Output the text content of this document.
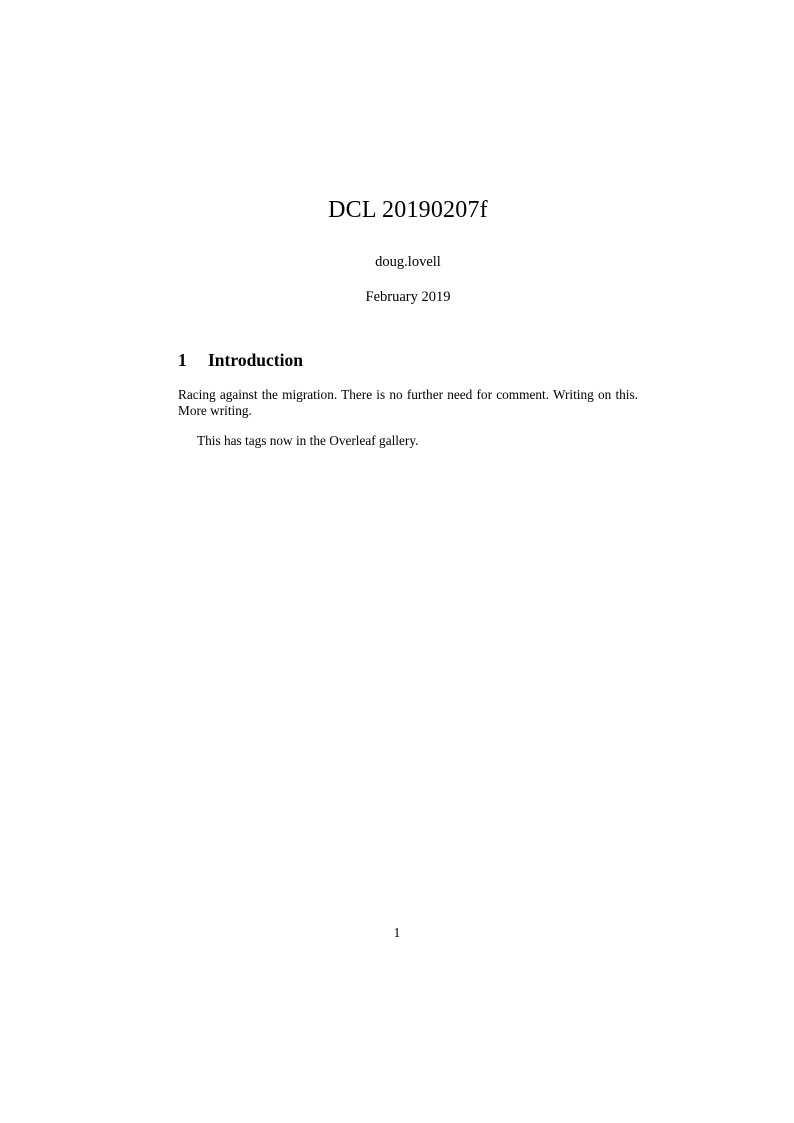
DCL 20190207f
doug.lovell
February 2019
1	Introduction

Racing against the migration. There is no further need for comment. Writing on this. More writing.

This has tags now in the Overleaf gallery.

1
